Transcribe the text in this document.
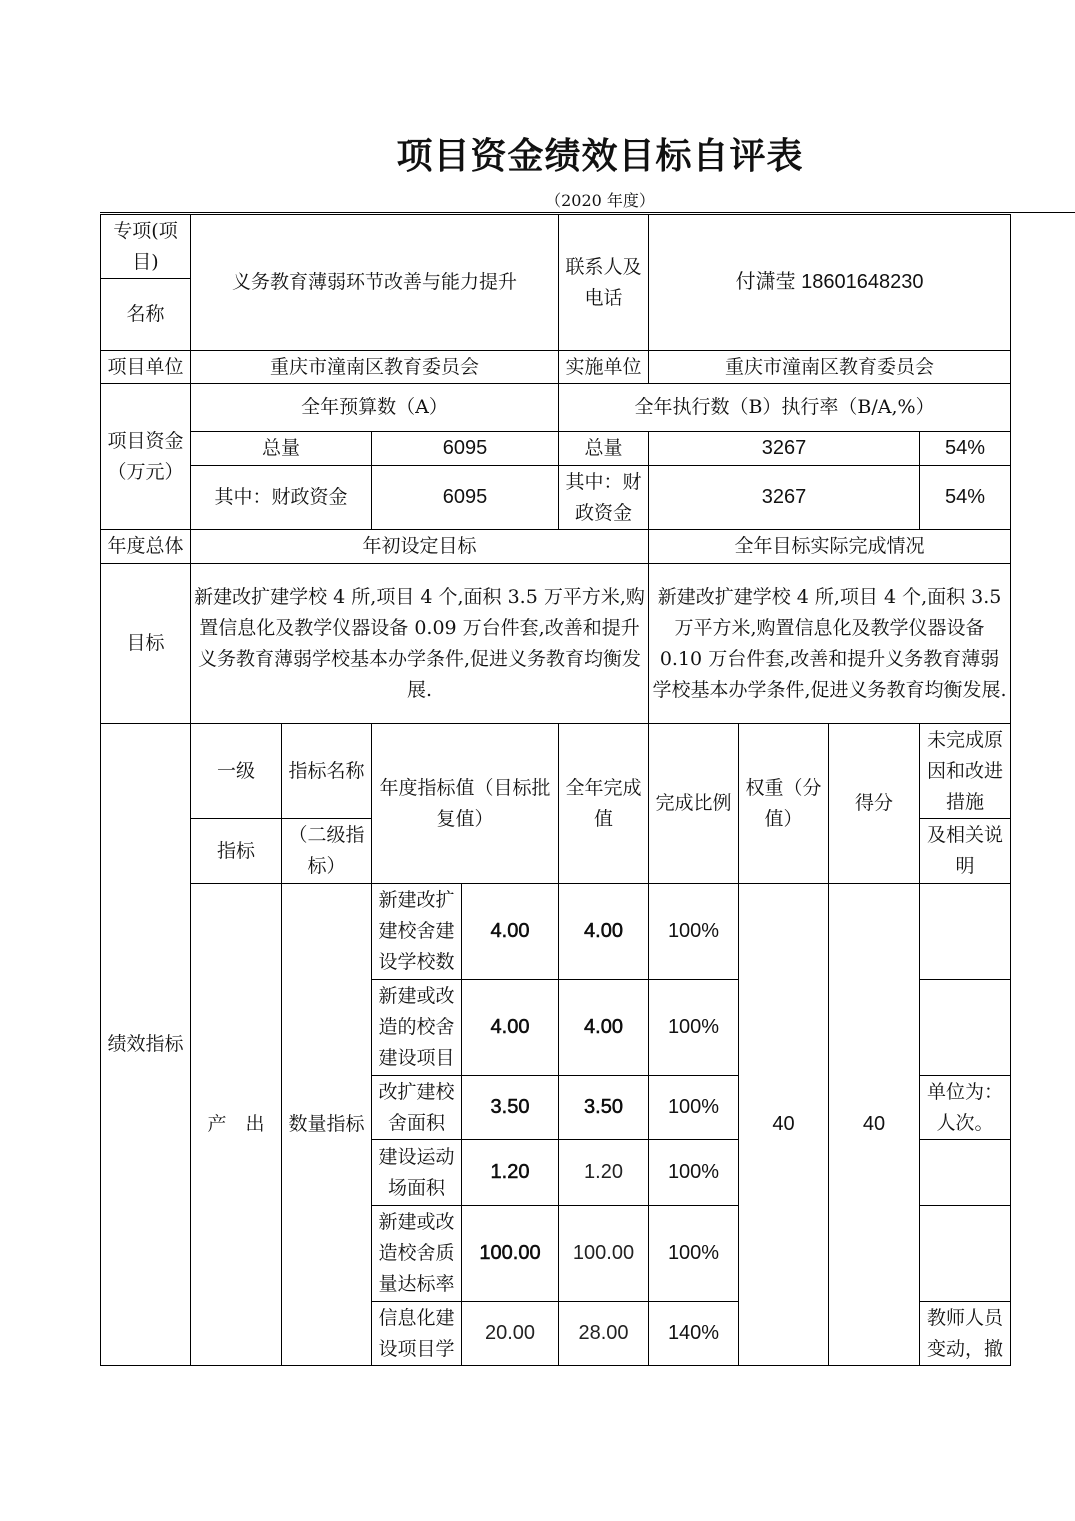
项目资金绩效目标自评表
（2020 年度）
专项(项目)	义务教育薄弱环节改善与能力提升				联系人及电话	付潇莹 18601648230			
名称									
项目单位	重庆市潼南区教育委员会				实施单位	重庆市潼南区教育委员会			
项目资金（万元）	全年预算数（A）				全年执行数（B）执行率（B/A,%）				
	总量		6095		总量	3267			54%
	其中：财政资金		6095		其中：财政资金	3267			54%
年度总体	年初设定目标					全年目标实际完成情况			
目标	新建改扩建学校 4 所,项目 4 个,面积 3.5 万平方米,购置信息化及教学仪器设备 0.09 万台件套,改善和提升义务教育薄弱学校基本办学条件,促进义务教育均衡发展.					新建改扩建学校 4 所,项目 4 个,面积 3.5 万平方米,购置信息化及教学仪器设备 0.10 万台件套,改善和提升义务教育薄弱学校基本办学条件,促进义务教育均衡发展.			
绩效指标	一级	指标名称	年度指标值（目标批复值）		全年完成值	完成比例	权重（分值）	得分	未完成原因和改进措施
	指标	（二级指标）							及相关说明
	产　出	数量指标	新建改扩建校舍建设学校数	4.00	4.00	100%	40	40	
			新建或改造的校舍建设项目	4.00	4.00	100%			
			改扩建校舍面积	3.50	3.50	100%			单位为：人次。
			建设运动场面积	1.20	1.20	100%			
			新建或改造校舍质量达标率	100.00	100.00	100%			
			信息化建设项目学	20.00	28.00	140%			教师人员变动，撤
